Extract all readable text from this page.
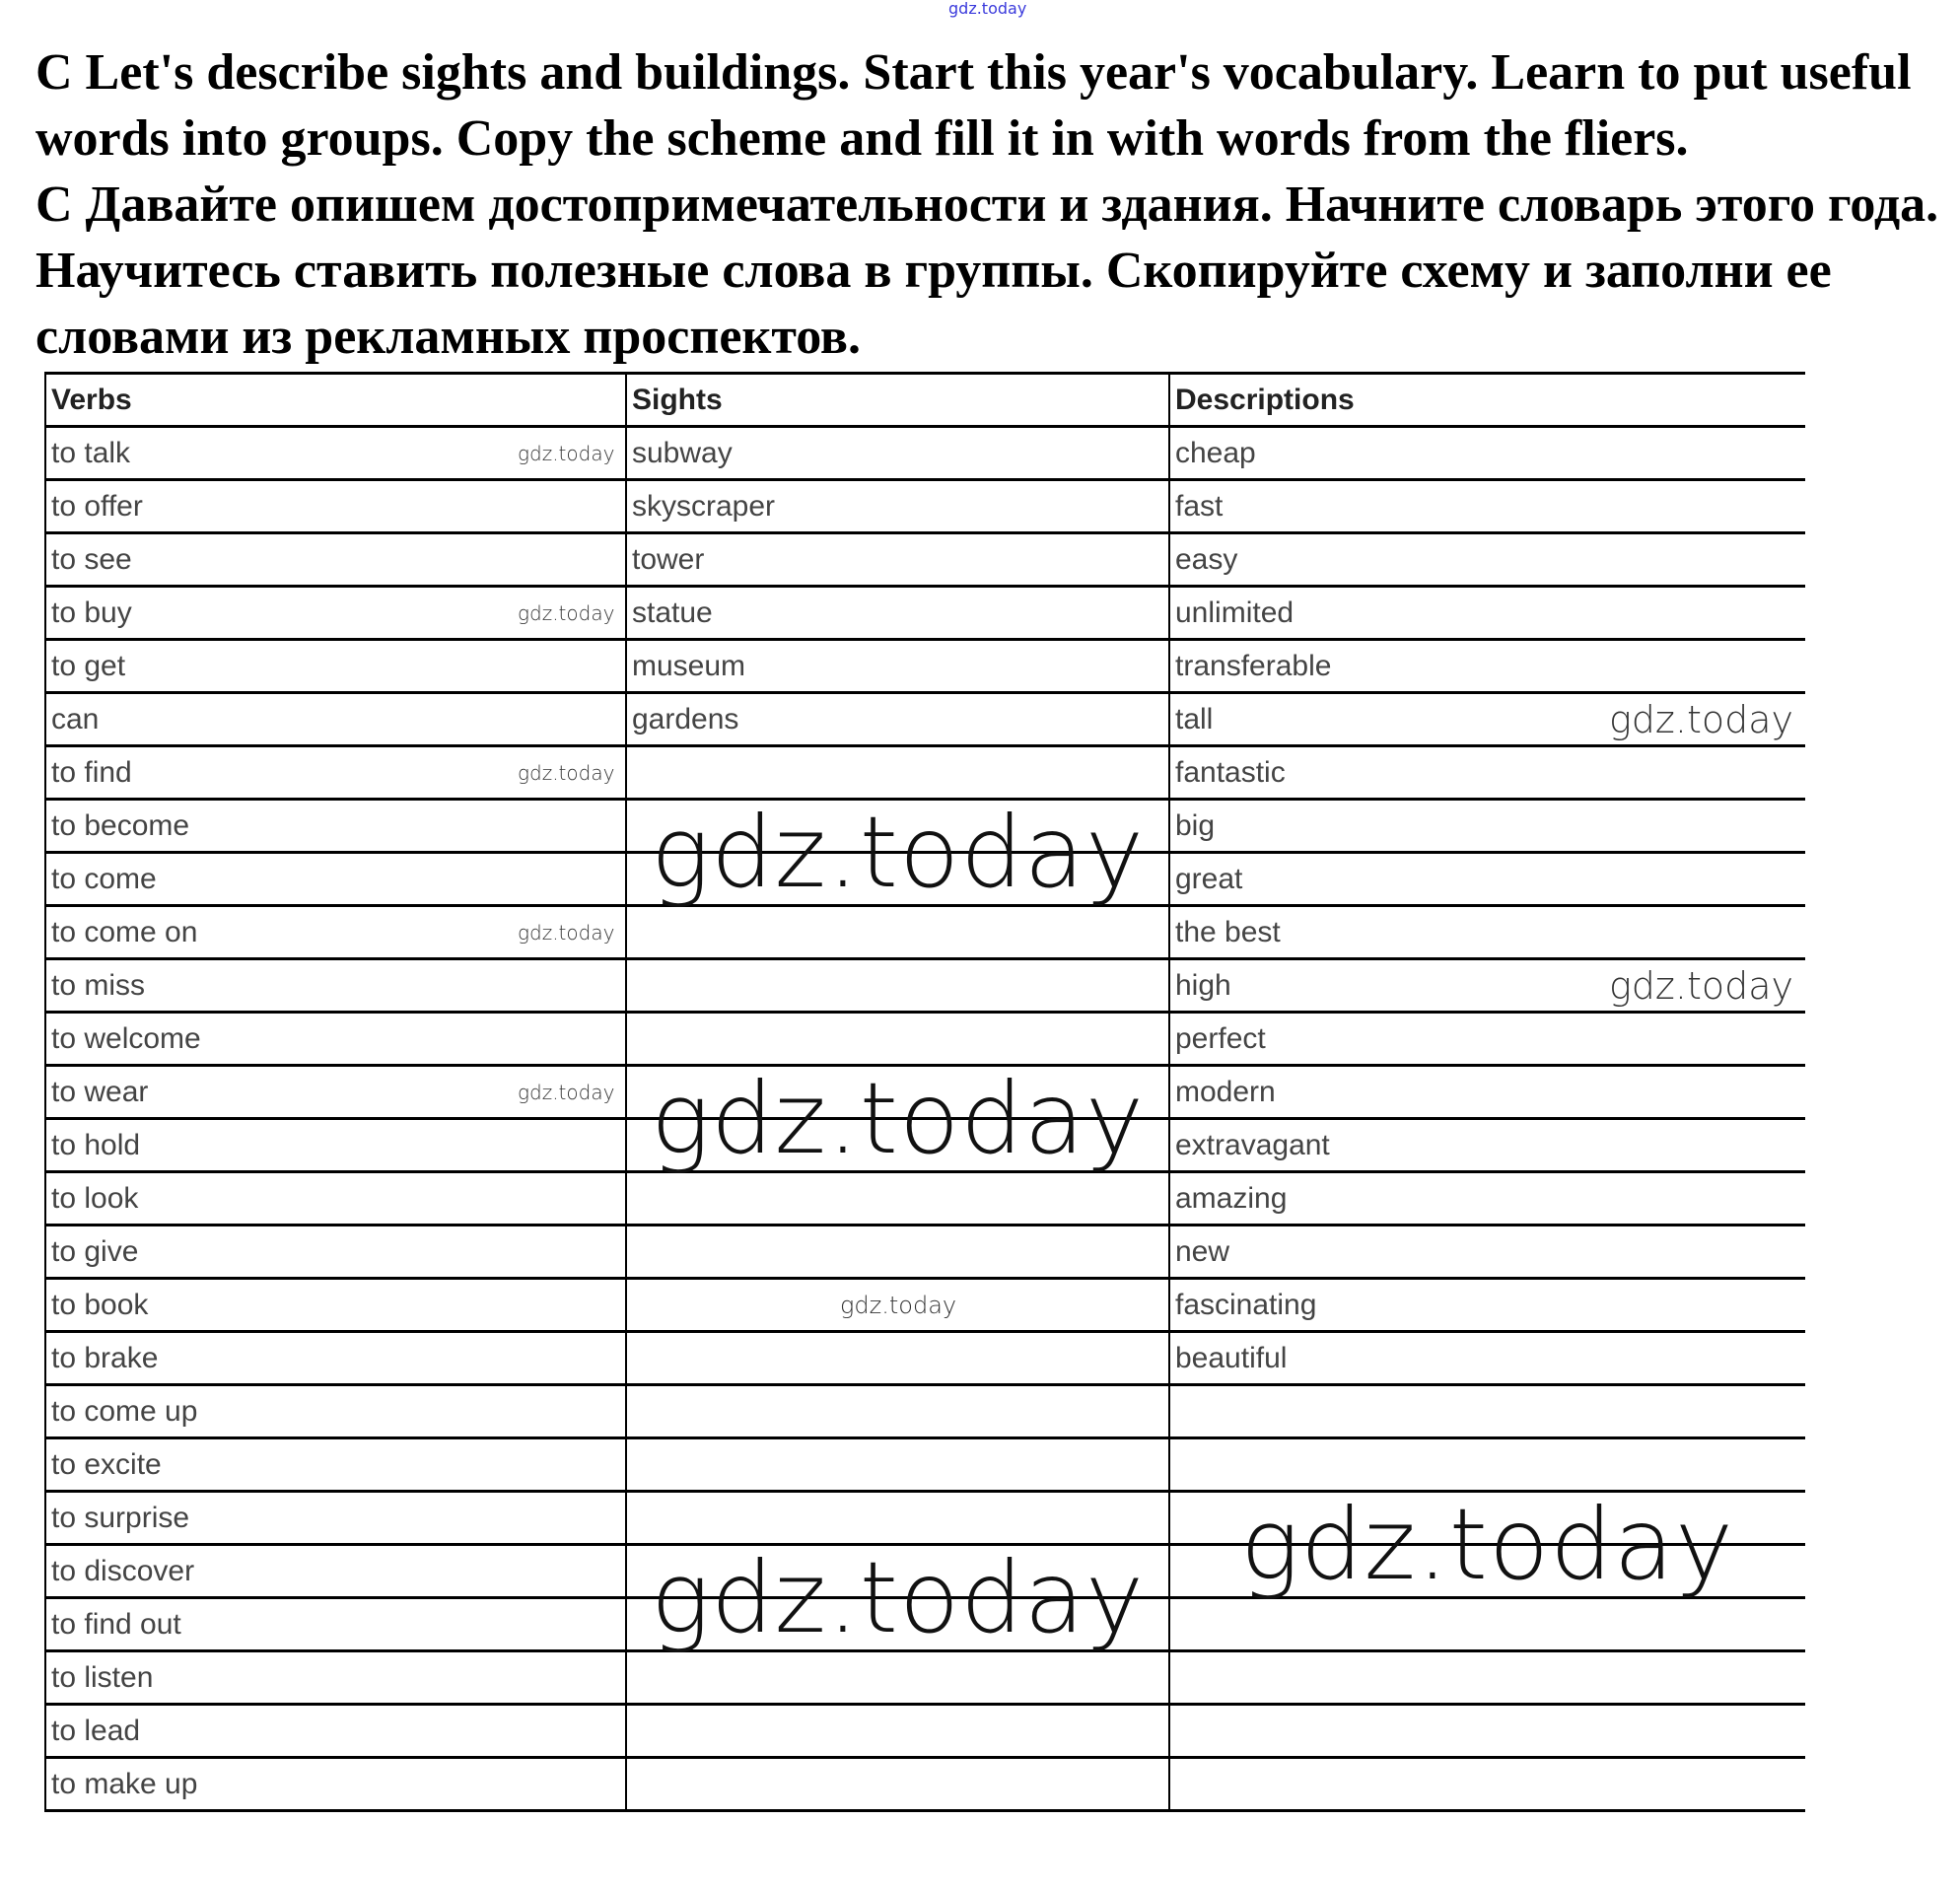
gdz.today

C Let's describe sights and buildings. Start this year's vocabulary. Learn to put useful words into groups. Copy the scheme and fill it in with words from the fliers.

C Давайте опишем достопримечательности и здания. Начните словарь этого года. Научитесь ставить полезные слова в группы. Скопируйте схему и заполни ее словами из рекламных проспектов.

Verbs	Sights	Descriptions
to talk	subway	cheap
to offer	skyscraper	fast
to see	tower	easy
to buy	statue	unlimited
to get	museum	transferable
can	gardens	tall
to find		fantastic
to become		big
to come		great
to come on		the best
to miss		high
to welcome		perfect
to wear		modern
to hold		extravagant
to look		amazing
to give		new
to book		fascinating
to brake		beautiful
to come up		
to excite		
to surprise		
to discover		
to find out		
to listen		
to lead		
to make up		
gdz.today
gdz.today
gdz.today gdz.today
gdz.today
gdz.today
gdz.today
gdz.today
gdz.today
gdz.today
gdz.today
gdz.today
